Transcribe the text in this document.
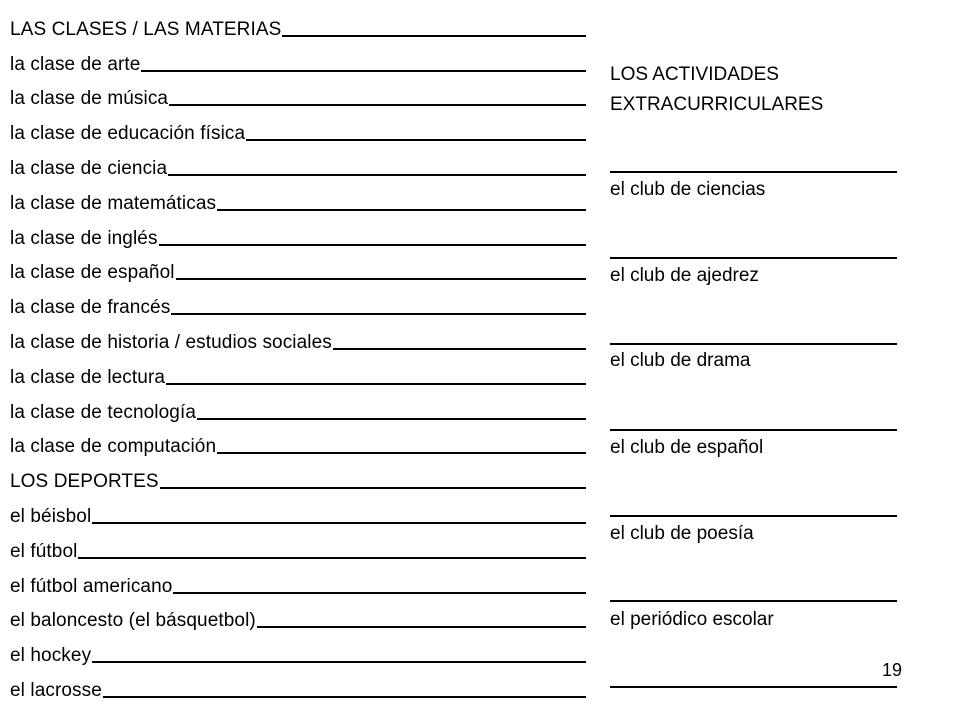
LAS CLASES / LAS MATERIAS
la clase de arte
la clase de música
la clase de educación física
la clase de ciencia
la clase de matemáticas
la clase de inglés
la clase de español
la clase de francés
la clase de historia / estudios sociales
la clase de lectura
la clase de tecnología
la clase de computación
LOS DEPORTES
el béisbol
el fútbol
el fútbol americano
el baloncesto (el básquetbol)
el hockey
el lacrosse
LOS ACTIVIDADES
EXTRACURRICULARES
el club de ciencias
el club de ajedrez
el club de drama
el club de español
el club de poesía
el periódico escolar
19
